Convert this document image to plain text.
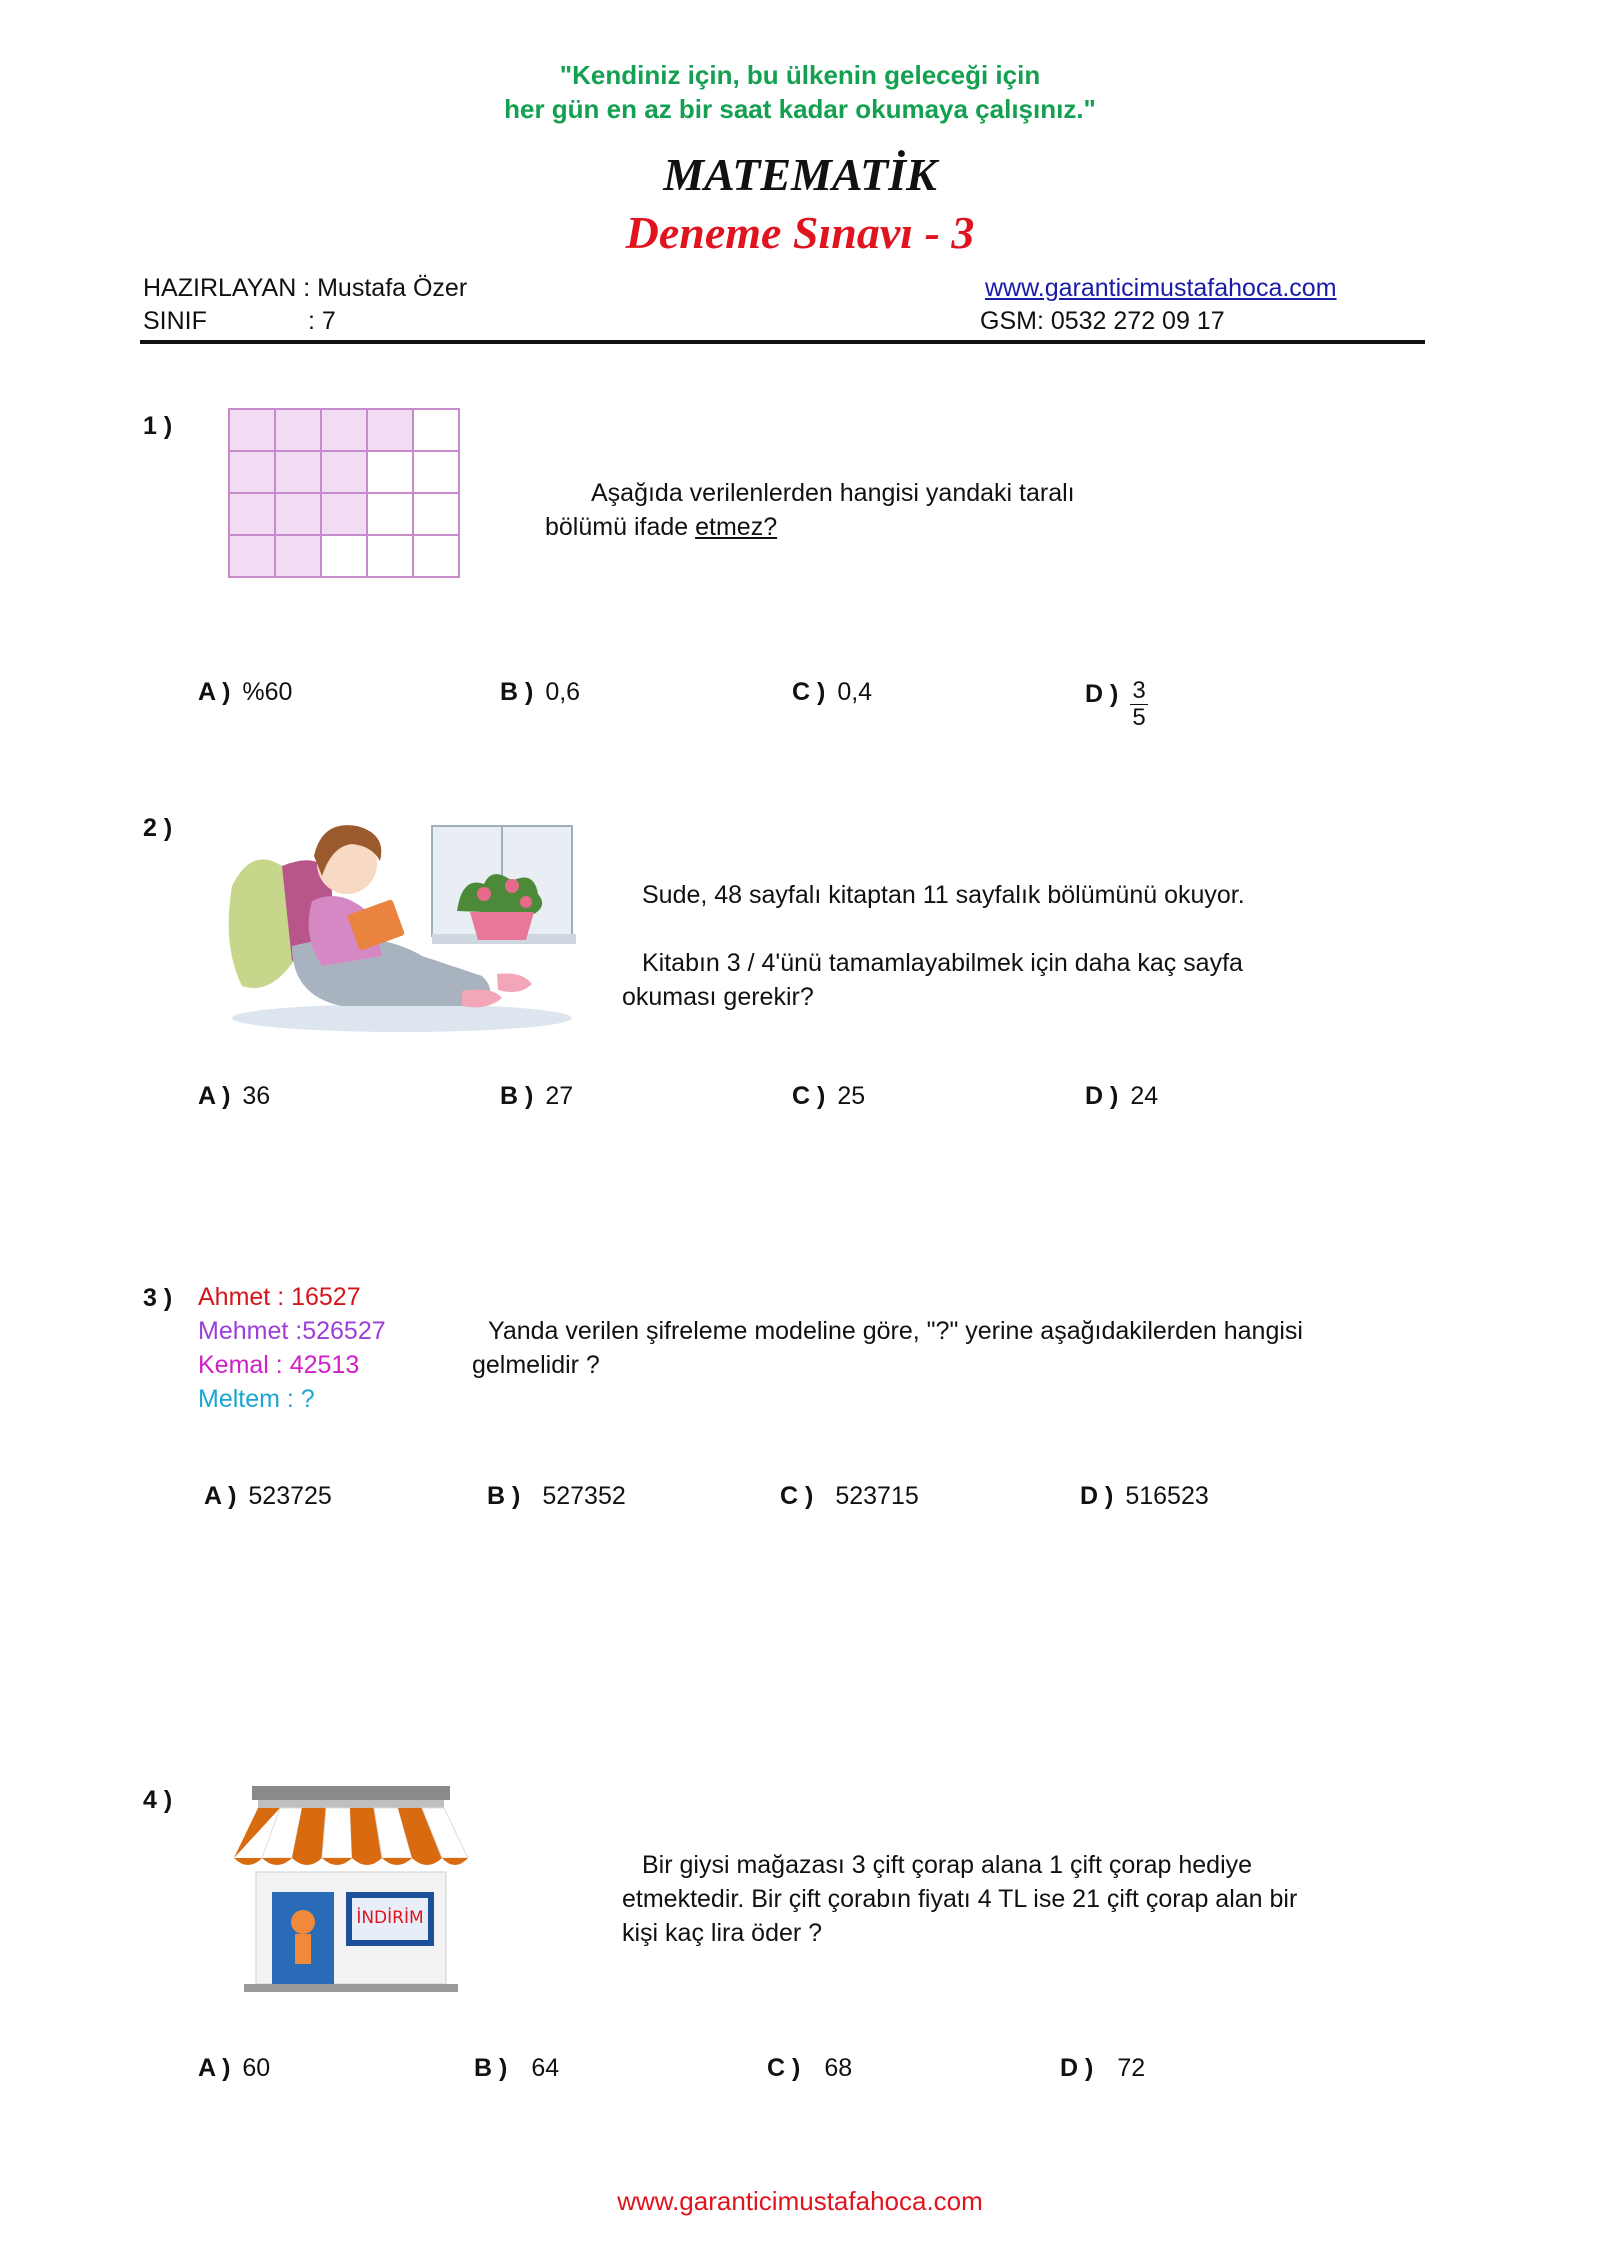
"Kendiniz için, bu ülkenin geleceği için
her gün en az bir saat kadar okumaya çalışınız."
MATEMATİK
Deneme Sınavı - 3
HAZIRLAYAN : Mustafa Özer
SINIF	: 7
www.garanticimustafahoca.com
GSM: 0532 272 09 17
1 )
Aşağıda verilenlerden hangisi yandaki taralı
bölümü ifade etmez?
A ) %60	B ) 0,6	C ) 0,4	D ) $\frac{3}{5}$
2 )
Sude, 48 sayfalı kitaptan 11 sayfalık bölümünü okuyor.
Kitabın 3 / 4'ünü tamamlayabilmek için daha kaç sayfa
okuması gerekir?
A ) 36	B ) 27	C ) 25	D ) 24
3 ) Ahmet : 16527
Mehmet :526527
Kemal : 42513
Meltem : ?
Yanda verilen şifreleme modeline göre, "?" yerine aşağıdakilerden hangisi
gelmelidir ?
A ) 523725	B ) 527352	C ) 523715	D ) 516523
4 )
İNDİRİM
Bir giysi mağazası 3 çift çorap alana 1 çift çorap hediye
etmektedir. Bir çift çorabın fiyatı 4 TL ise 21 çift çorap alan bir
kişi kaç lira öder ?
A ) 60	B ) 64	C ) 68	D ) 72
www.garanticimustafahoca.com
